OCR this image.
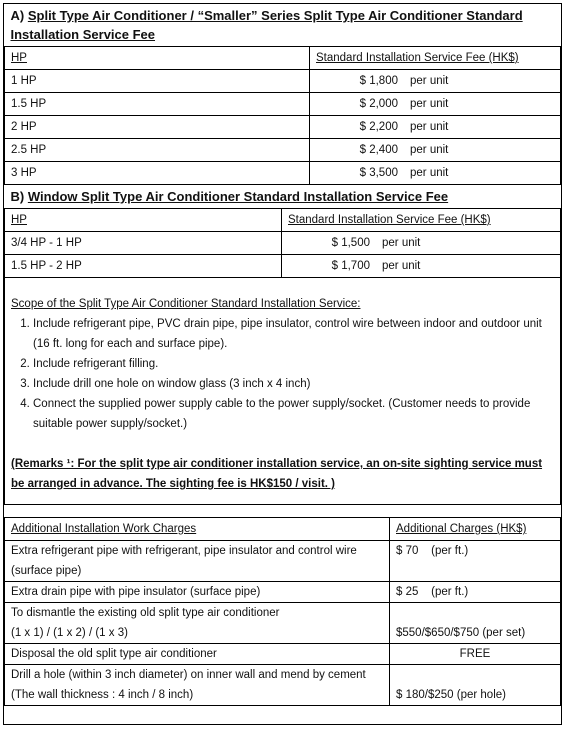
A) Split Type Air Conditioner / “Smaller” Series Split Type Air Conditioner Standard Installation Service Fee	
HP	Standard Installation Service Fee (HK$)
1 HP	$ 1,800 per unit
1.5 HP	$ 2,000 per unit
2 HP	$ 2,200 per unit
2.5 HP	$ 2,400 per unit
3 HP	$ 3,500 per unit
B) Window Split Type Air Conditioner Standard Installation Service Fee	
HP	Standard Installation Service Fee (HK$)
3/4 HP - 1 HP	$ 1,500 per unit
1.5 HP - 2 HP	$ 1,700 per unit
Scope of the Split Type Air Conditioner Standard Installation Service:
1. Include refrigerant pipe, PVC drain pipe, pipe insulator, control wire between indoor and outdoor unit (16 ft. long for each and surface pipe).
2. Include refrigerant filling.
3. Include drill one hole on window glass (3 inch x 4 inch)
4. Connect the supplied power supply cable to the power supply/socket. (Customer needs to provide suitable power supply/socket.)
(Remarks ¹: For the split type air conditioner installation service, an on-site sighting service must be arranged in advance. The sighting fee is HK$150 / visit. )
Additional Installation Work Charges	Additional Charges (HK$)
Extra refrigerant pipe with refrigerant, pipe insulator and control wire (surface pipe)	$ 70    (per ft.)
Extra drain pipe with pipe insulator (surface pipe)	$ 25    (per ft.)

To dismantle the existing old split type air conditioner
(1 x 1) / (1 x 2) / (1 x 3)	$550/$650/$750 (per set)
Disposal the old split type air conditioner	FREE
Drill a hole (within 3 inch diameter) on inner wall and mend by cement (The wall thickness : 4 inch / 8 inch)	$ 180/$250 (per hole)
